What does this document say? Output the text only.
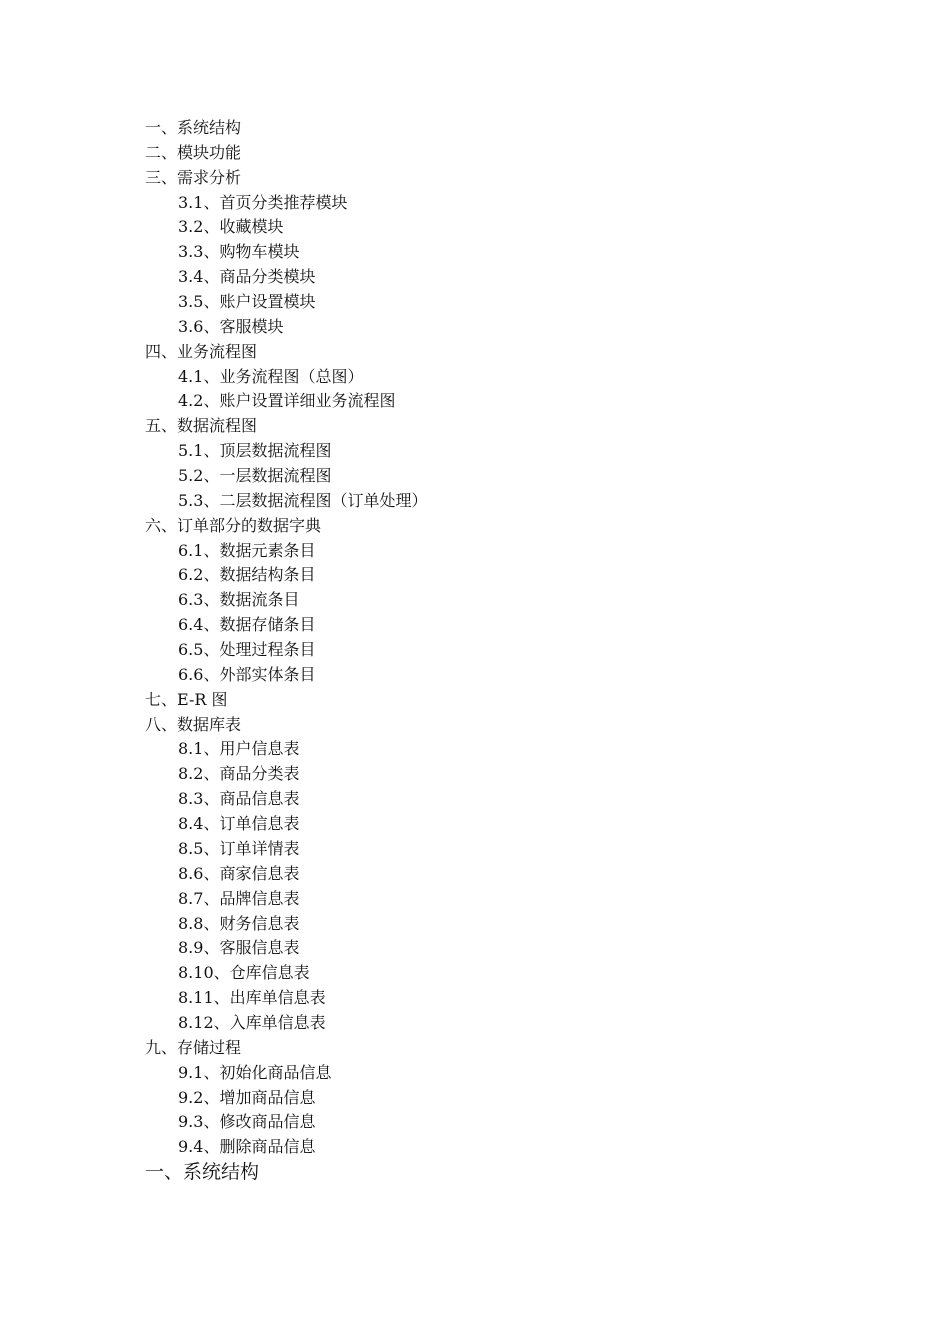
一、系统结构
二、模块功能
三、需求分析
3.1、首页分类推荐模块
3.2、收藏模块
3.3、购物车模块
3.4、商品分类模块
3.5、账户设置模块
3.6、客服模块
四、业务流程图
4.1、业务流程图（总图）
4.2、账户设置详细业务流程图
五、数据流程图
5.1、顶层数据流程图
5.2、一层数据流程图
5.3、二层数据流程图（订单处理）
六、订单部分的数据字典
6.1、数据元素条目
6.2、数据结构条目
6.3、数据流条目
6.4、数据存储条目
6.5、处理过程条目
6.6、外部实体条目
七、E-R 图
八、数据库表
8.1、用户信息表
8.2、商品分类表
8.3、商品信息表
8.4、订单信息表
8.5、订单详情表
8.6、商家信息表
8.7、品牌信息表
8.8、财务信息表
8.9、客服信息表
8.10、仓库信息表
8.11、出库单信息表
8.12、入库单信息表
九、存储过程
9.1、初始化商品信息
9.2、增加商品信息
9.3、修改商品信息
9.4、删除商品信息
一、系统结构
